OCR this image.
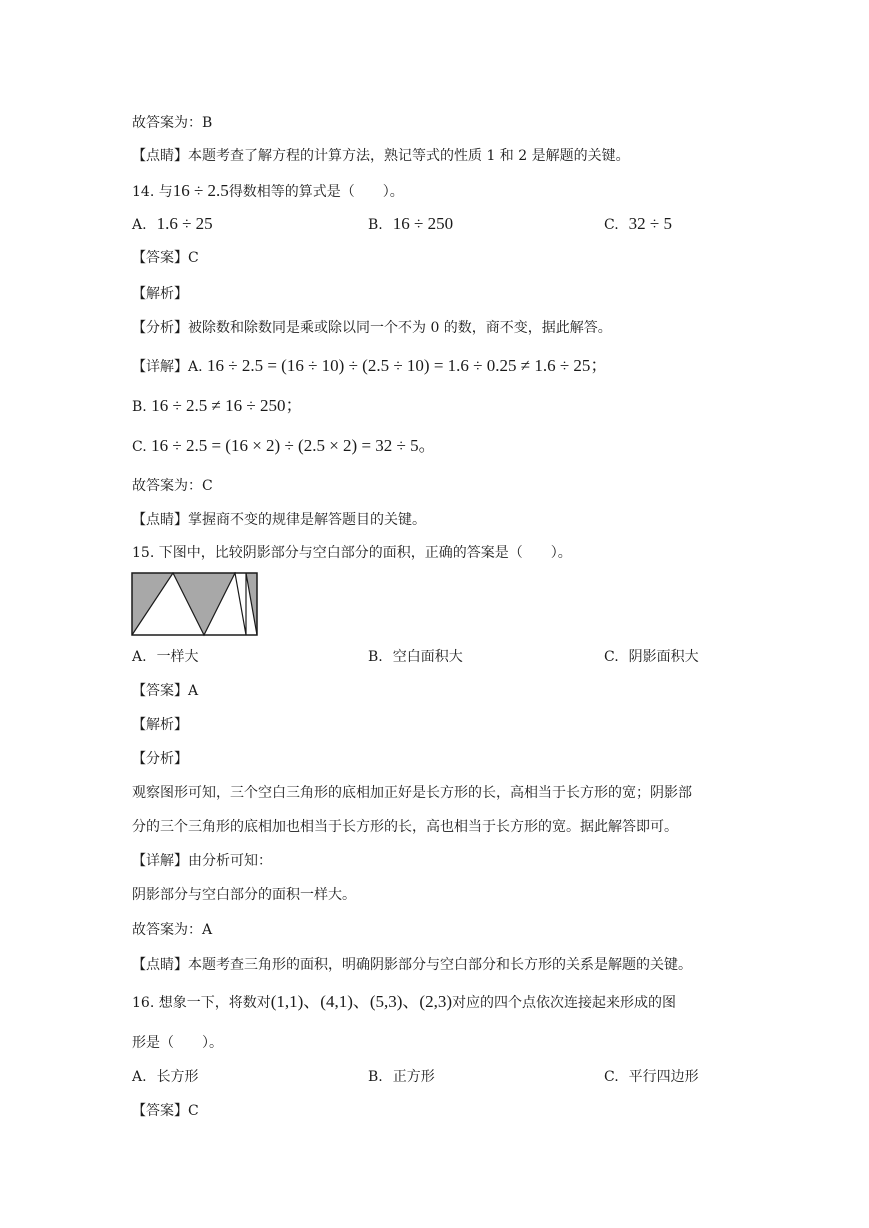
故答案为：B
【点睛】本题考查了解方程的计算方法，熟记等式的性质 1 和 2 是解题的关键。
14. 与16 ÷ 2.5得数相等的算式是（　　）。
A. 1.6 ÷ 25	B. 16 ÷ 250	C. 32 ÷ 5
【答案】C
【解析】
【分析】被除数和除数同是乘或除以同一个不为 0 的数，商不变，据此解答。
【详解】A. 16 ÷ 2.5 = (16 ÷ 10) ÷ (2.5 ÷ 10) = 1.6 ÷ 0.25 ≠ 1.6 ÷ 25；
B. 16 ÷ 2.5 ≠ 16 ÷ 250；
C. 16 ÷ 2.5 = (16 × 2) ÷ (2.5 × 2) = 32 ÷ 5。
故答案为：C
【点睛】掌握商不变的规律是解答题目的关键。
15. 下图中，比较阴影部分与空白部分的面积，正确的答案是（　　）。
A. 一样大	B. 空白面积大	C. 阴影面积大
【答案】A
【解析】
【分析】
观察图形可知，三个空白三角形的底相加正好是长方形的长，高相当于长方形的宽；阴影部
分的三个三角形的底相加也相当于长方形的长，高也相当于长方形的宽。据此解答即可。
【详解】由分析可知：
阴影部分与空白部分的面积一样大。
故答案为：A
【点睛】本题考查三角形的面积，明确阴影部分与空白部分和长方形的关系是解题的关键。
16. 想象一下，将数对(1,1)、(4,1)、(5,3)、(2,3)对应的四个点依次连接起来形成的图
形是（　　）。
A. 长方形	B. 正方形	C. 平行四边形
【答案】C
